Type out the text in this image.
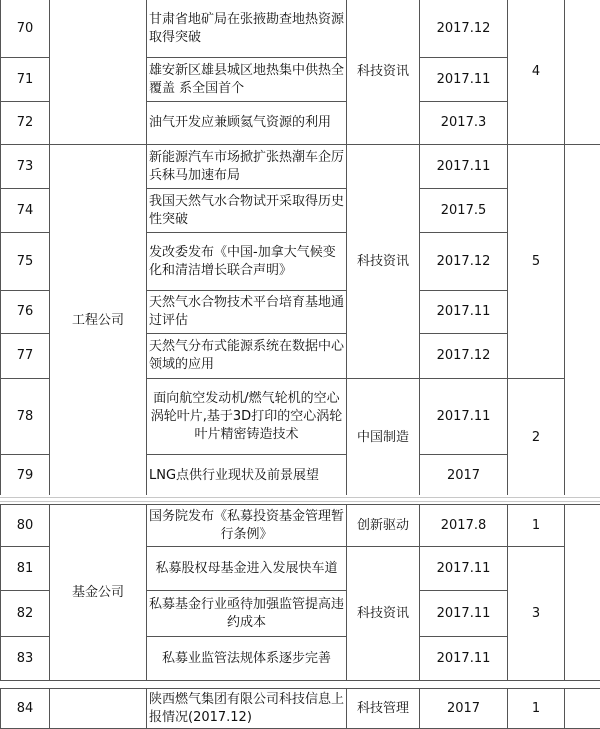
70		甘肃省地矿局在张掖勘查地热资源取得突破	科技资讯	2017.12	4	
71		雄安新区雄县城区地热集中供热全覆盖 系全国首个		2017.11		
72		油气开发应兼顾氦气资源的利用		2017.3		
73	工程公司	新能源汽车市场掀扩张热潮车企厉兵秣马加速布局	科技资讯	2017.11	5	
74		我国天然气水合物试开采取得历史性突破		2017.5		
75		发改委发布《中国-加拿大气候变化和清洁增长联合声明》		2017.12		
76		天然气水合物技术平台培育基地通过评估		2017.11		
77		天然气分布式能源系统在数据中心领域的应用		2017.12		
78		面向航空发动机/燃气轮机的空心涡轮叶片,基于3D打印的空心涡轮叶片精密铸造技术	中国制造	2017.11	2	
79		LNG点供行业现状及前景展望		2017		
80	基金公司	国务院发布《私募投资基金管理暂行条例》	创新驱动	2017.8	1	
81		私募股权母基金进入发展快车道	科技资讯	2017.11	3	
82		私募基金行业亟待加强监管提高违约成本		2017.11		
83		私募业监管法规体系逐步完善		2017.11		

84		陕西燃气集团有限公司科技信息上报情况(2017.12)	科技管理	2017	1	
